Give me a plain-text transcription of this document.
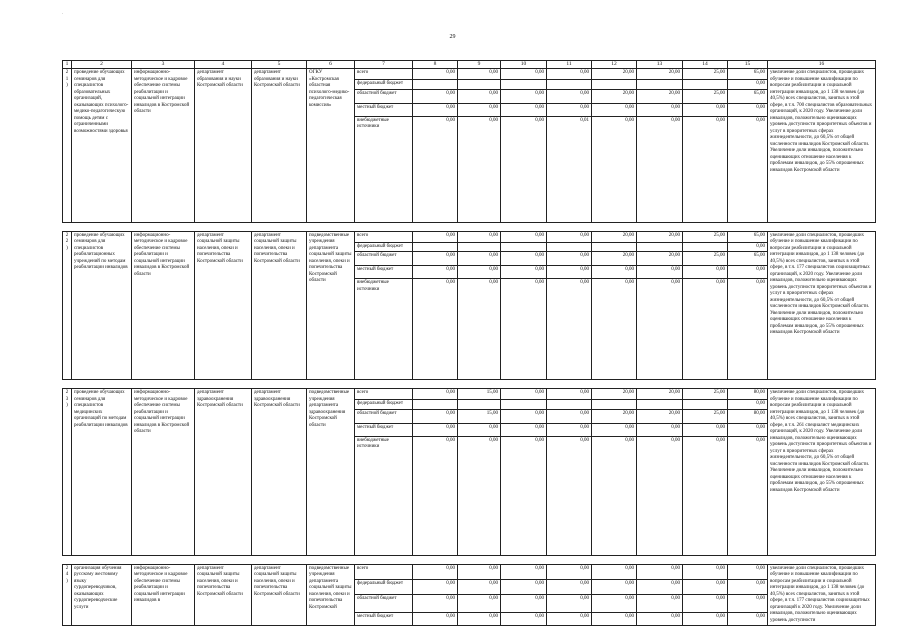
.
29
1	2	3	4	5	6	7	8	9	10	11	12	13	14	15	16
21)	проведение обучающих семинаров для специалистов образовательных организаций, оказывающих психолого-медико-педагогическую помощь детям с ограниченными возможностями здоровья	информационно-методическое и кадровое обеспечение системы реабилитации и социальной интеграции инвалидов в Костромской области	департамент образования и науки Костромской области	департамент образования и науки Костромской области	ОГКУ «Костромская областная психолого-медико-педагогическая комиссия»	всего	0,00	0,00	0,00	0,00	20,00	20,00	25,00	65,00	увеличение доли специалистов, прошедших обучение и повышение квалификации по вопросам реабилитации и социальной интеграции инвалидов, до 1 138 человек (до 40,5%) всех специалистов, занятых в этой сфере, в т.ч. 700 специалистов образовательных организаций, к 2020 году. Увеличение доли инвалидов, положительно оценивающих уровень доступности приоритетных объектов и услуг в приоритетных сферах жизнедеятельности, до 60,5% от общей численности инвалидов Костромской области. Увеличение доли инвалидов, положительно оценивающих отношение населения к проблемам инвалидов, до 55% опрошенных инвалидов Костромской области
						федеральный бюджет								0,00	
						областной бюджет	0,00	0,00	0,00	0,00	20,00	20,00	25,00	65,00	
						местный бюджет	0,00	0,00	0,00	0,00	0,00	0,00	0,00	0,00	
						внебюджетные источники	0,00	0,00	0,00	0,01	0,00	0,00	0,00	0,00	

22)	проведение обучающих семинаров для специалистов реабилитационных учреждений по методам реабилитации инвалидов	информационно-методическое и кадровое обеспечение системы реабилитации и социальной интеграции инвалидов в Костромской области	департамент социальной защиты населения, опеки и попечительства Костромской области	департамент социальной защиты населения, опеки и попечительства Костромской области	подведомственные учреждения департамента социальной защиты населения, опеки и попечительства Костромской области	всего	0,00	0,00	0,00	0,00	20,00	20,00	25,00	65,00	увеличение доли специалистов, прошедших обучение и повышение квалификации по вопросам реабилитации и социальной интеграции инвалидов, до 1 138 человек (до 40,5%) всех специалистов, занятых в этой сфере, в т.ч. 177 специалистов социозащитных организаций, к 2020 году. Увеличение доли инвалидов, положительно оценивающих уровень доступности приоритетных объектов и услуг в приоритетных сферах жизнедеятельности, до 60,5% от общей численности инвалидов Костромской области. Увеличение доли инвалидов, положительно оценивающих отношение населения к проблемам инвалидов, до 55% опрошенных инвалидов Костромской области
						федеральный бюджет								0,00	
						областной бюджет	0,00	0,00	0,00	0,00	20,00	20,00	25,00	65,00	
						местный бюджет	0,00	0,00	0,00	0,00	0,00	0,00	0,00	0,00	
						внебюджетные источники	0,00	0,00	0,00	0,00	0,00	0,00	0,00	0,00	

23)	проведение обучающих семинаров для специалистов медицинских организаций по методам реабилитации инвалидов	информационно-методическое и кадровое обеспечение системы реабилитации и социальной интеграции инвалидов в Костромской области	департамент здравоохранения Костромской области	департамент здравоохранения Костромской области	подведомственные учреждения департамента здравоохранения Костромской области	всего	0,00	15,00	0,00	0,00	20,00	20,00	25,00	80,00	увеличение доли специалистов, прошедших обучение и повышение квалификации по вопросам реабилитации и социальной интеграции инвалидов, до 1 138 человек (до 40,5%) всех специалистов, занятых в этой сфере, в т.ч. 261 специалист медицинских организаций, к 2020 году. Увеличение доли инвалидов, положительно оценивающих уровень доступности приоритетных объектов и услуг в приоритетных сферах жизнедеятельности, до 60,5% от общей численности инвалидов Костромской области. Увеличение доли инвалидов, положительно оценивающих отношение населения к проблемам инвалидов, до 55% опрошенных инвалидов Костромской области
						федеральный бюджет								0,00	
						областной бюджет	0,00	15,00	0,00	0,00	20,00	20,00	25,00	80,00	
						местный бюджет	0,00	0,00	0,00	0,00	0,00	0,00	0,00	0,00	
						внебюджетные источники	0,00	0,00	0,00	0,00	0,00	0,00	0,00	0,00	

24)	организация обучения русскому жестовому языку сурдопереводчиков, оказывающих сурдопереводческие услуги	информационно-методическое и кадровое обеспечение системы реабилитации и социальной интеграции инвалидов в	департамент социальной защиты населения, опеки и попечительства Костромской области	департамент социальной защиты населения, опеки и попечительства Костромской области	подведомственные учреждения департамента социальной защиты населения, опеки и попечительства Костромской	всего	0,00	0,00	0,00	0,00	0,00	0,00	0,00	0,00	увеличение доли специалистов, прошедших обучение и повышение квалификации по вопросам реабилитации и социальной интеграции инвалидов, до 1 138 человек (до 40,5%) всех специалистов, занятых в этой сфере, в т.ч. 177 специалистов социозащитных организаций к 2020 году. Увеличение доли инвалидов, положительно оценивающих уровень доступности
						федеральный бюджет	0,00	0,00	0,00	0,00	0,00	0,00	0,00	0,00	
						областной бюджет	0,00	0,00	0,00	0,00	0,00	0,00	0,00	0,00	
						местный бюджет	0,00	0,00	0,00	0,00	0,00	0,00	0,00	0,00	
